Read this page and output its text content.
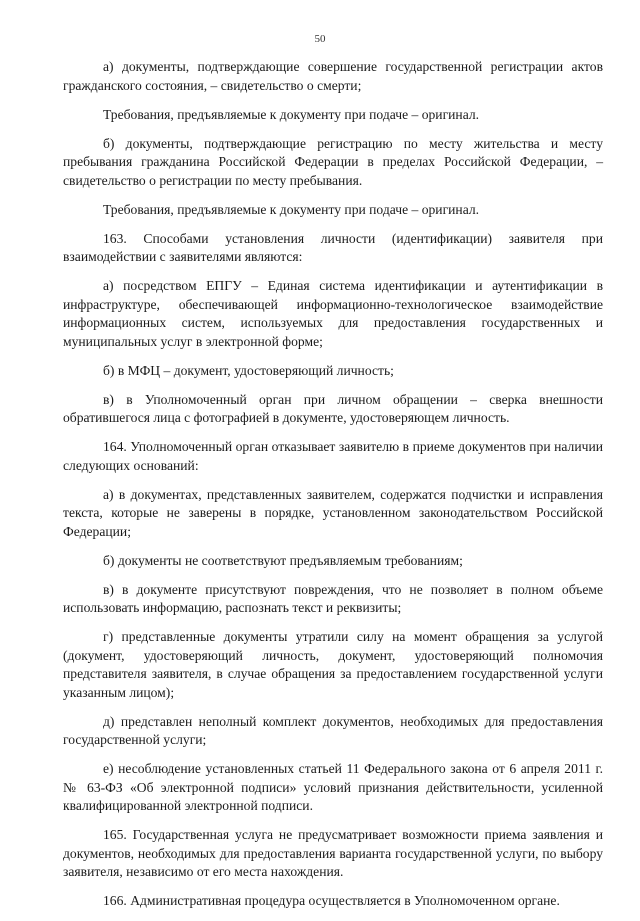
50

а) документы, подтверждающие совершение государственной регистрации актов гражданского состояния, – свидетельство о смерти;

Требования, предъявляемые к документу при подаче – оригинал.

б) документы, подтверждающие регистрацию по месту жительства и месту пребывания гражданина Российской Федерации в пределах Российской Федерации, – свидетельство о регистрации по месту пребывания.

Требования, предъявляемые к документу при подаче – оригинал.

163. Способами установления личности (идентификации) заявителя при взаимодействии с заявителями являются:

а) посредством ЕПГУ – Единая система идентификации и аутентификации в инфраструктуре, обеспечивающей информационно-технологическое взаимодействие информационных систем, используемых для предоставления государственных и муниципальных услуг в электронной форме;

б) в МФЦ – документ, удостоверяющий личность;

в) в Уполномоченный орган при личном обращении – сверка внешности обратившегося лица с фотографией в документе, удостоверяющем личность.

164. Уполномоченный орган отказывает заявителю в приеме документов при наличии следующих оснований:

а) в документах, представленных заявителем, содержатся подчистки и исправления текста, которые не заверены в порядке, установленном законодательством Российской Федерации;

б) документы не соответствуют предъявляемым требованиям;

в) в документе присутствуют повреждения, что не позволяет в полном объеме использовать информацию, распознать текст и реквизиты;

г) представленные документы утратили силу на момент обращения за услугой (документ, удостоверяющий личность, документ, удостоверяющий полномочия представителя заявителя, в случае обращения за предоставлением государственной услуги указанным лицом);

д) представлен неполный комплект документов, необходимых для предоставления государственной услуги;

е) несоблюдение установленных статьей 11 Федерального закона от 6 апреля 2011 г. № 63-ФЗ «Об электронной подписи» условий признания действительности, усиленной квалифицированной электронной подписи.

165. Государственная услуга не предусматривает возможности приема заявления и документов, необходимых для предоставления варианта государственной услуги, по выбору заявителя, независимо от его места нахождения.

166. Административная процедура осуществляется в Уполномоченном органе.
